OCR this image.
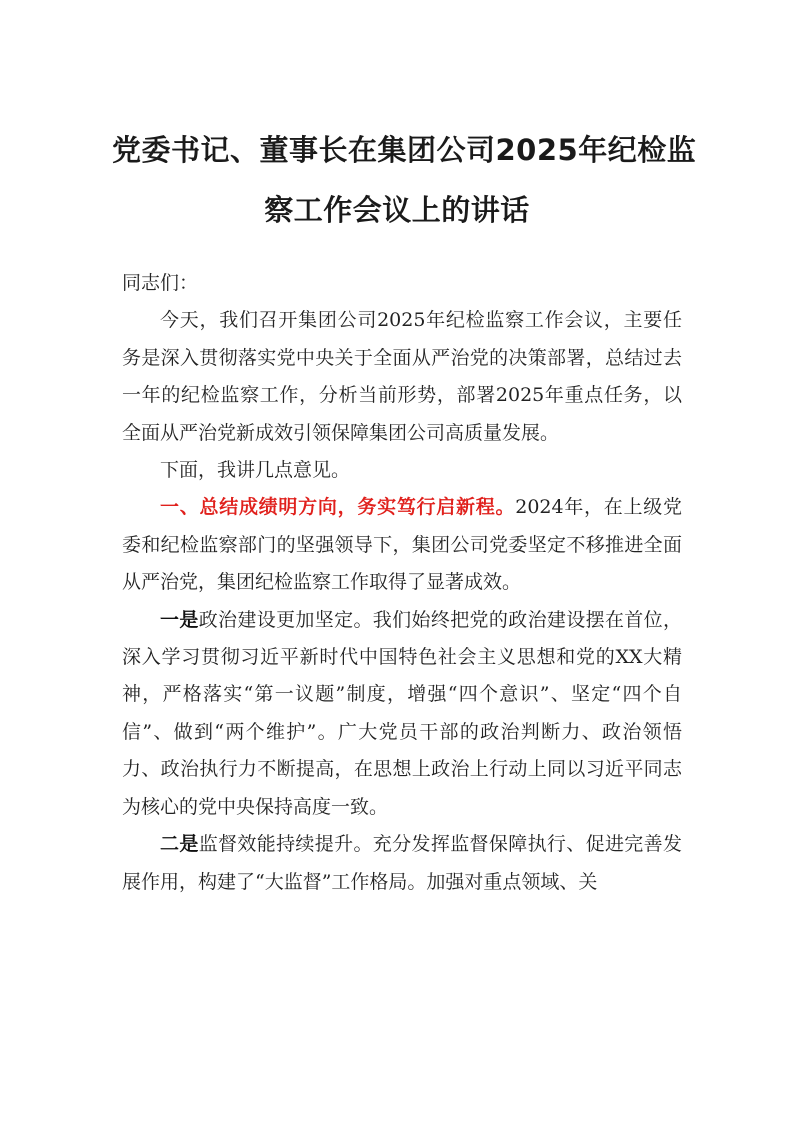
党委书记、董事长在集团公司2025年纪检监
察工作会议上的讲话

同志们：

今天，我们召开集团公司2025年纪检监察工作会议，主要任务是深入贯彻落实党中央关于全面从严治党的决策部署，总结过去一年的纪检监察工作，分析当前形势，部署2025年重点任务，以全面从严治党新成效引领保障集团公司高质量发展。

下面，我讲几点意见。

一、总结成绩明方向，务实笃行启新程。2024年，在上级党委和纪检监察部门的坚强领导下，集团公司党委坚定不移推进全面从严治党，集团纪检监察工作取得了显著成效。

一是政治建设更加坚定。我们始终把党的政治建设摆在首位，深入学习贯彻习近平新时代中国特色社会主义思想和党的XX大精神，严格落实“第一议题”制度，增强“四个意识”、坚定“四个自信”、做到“两个维护”。广大党员干部的政治判断力、政治领悟力、政治执行力不断提高，在思想上政治上行动上同以习近平同志为核心的党中央保持高度一致。

二是监督效能持续提升。充分发挥监督保障执行、促进完善发展作用，构建了“大监督”工作格局。加强对重点领域、关
